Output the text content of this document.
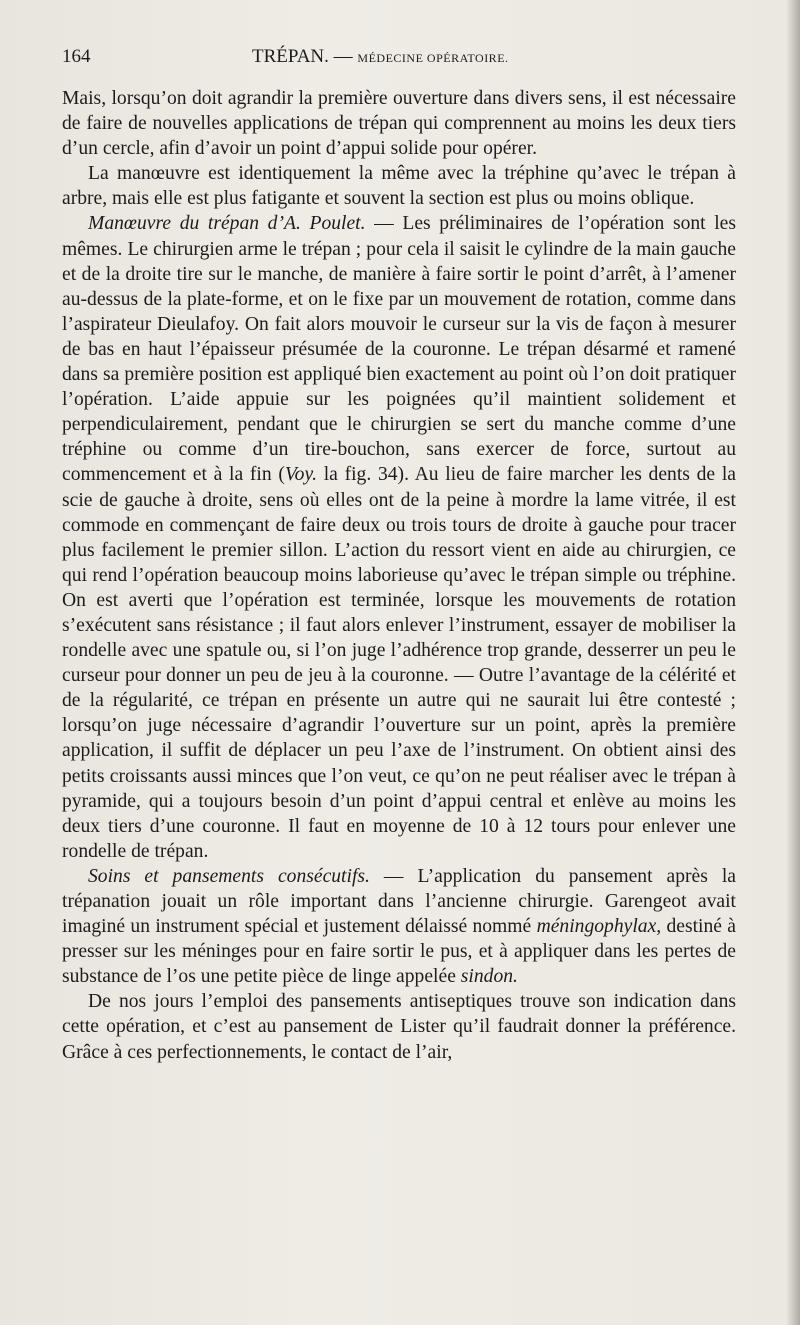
164	TRÉPAN. — MÉDECINE OPÉRATOIRE.

Mais, lorsqu’on doit agrandir la première ouverture dans divers sens, il est nécessaire de faire de nouvelles applications de trépan qui comprennent au moins les deux tiers d’un cercle, afin d’avoir un point d’appui solide pour opérer.

La manœuvre est identiquement la même avec la tréphine qu’avec le trépan à arbre, mais elle est plus fatigante et souvent la section est plus ou moins oblique.

Manœuvre du trépan d’A. Poulet. — Les préliminaires de l’opération sont les mêmes. Le chirurgien arme le trépan ; pour cela il saisit le cylindre de la main gauche et de la droite tire sur le manche, de manière à faire sortir le point d’arrêt, à l’amener au-dessus de la plate-forme, et on le fixe par un mouvement de rotation, comme dans l’aspirateur Dieulafoy. On fait alors mouvoir le curseur sur la vis de façon à mesurer de bas en haut l’épaisseur présumée de la couronne. Le trépan désarmé et ramené dans sa première position est appliqué bien exactement au point où l’on doit pratiquer l’opération. L’aide appuie sur les poignées qu’il maintient solidement et perpendiculairement, pendant que le chirurgien se sert du manche comme d’une tréphine ou comme d’un tire-bouchon, sans exercer de force, surtout au commencement et à la fin (Voy. la fig. 34). Au lieu de faire marcher les dents de la scie de gauche à droite, sens où elles ont de la peine à mordre la lame vitrée, il est commode en commençant de faire deux ou trois tours de droite à gauche pour tracer plus facilement le premier sillon. L’action du ressort vient en aide au chirurgien, ce qui rend l’opération beaucoup moins laborieuse qu’avec le trépan simple ou tréphine. On est averti que l’opération est terminée, lorsque les mouvements de rotation s’exécutent sans résistance ; il faut alors enlever l’instrument, essayer de mobiliser la rondelle avec une spatule ou, si l’on juge l’adhérence trop grande, desserrer un peu le curseur pour donner un peu de jeu à la couronne. — Outre l’avantage de la célérité et de la régularité, ce trépan en présente un autre qui ne saurait lui être contesté ; lorsqu’on juge nécessaire d’agrandir l’ouverture sur un point, après la première application, il suffit de déplacer un peu l’axe de l’instrument. On obtient ainsi des petits croissants aussi minces que l’on veut, ce qu’on ne peut réaliser avec le trépan à pyramide, qui a toujours besoin d’un point d’appui central et enlève au moins les deux tiers d’une couronne. Il faut en moyenne de 10 à 12 tours pour enlever une rondelle de trépan.

Soins et pansements consécutifs. — L’application du pansement après la trépanation jouait un rôle important dans l’ancienne chirurgie. Garengeot avait imaginé un instrument spécial et justement délaissé nommé méningophylax, destiné à presser sur les méninges pour en faire sortir le pus, et à appliquer dans les pertes de substance de l’os une petite pièce de linge appelée sindon.

De nos jours l’emploi des pansements antiseptiques trouve son indication dans cette opération, et c’est au pansement de Lister qu’il faudrait donner la préférence. Grâce à ces perfectionnements, le contact de l’air,
